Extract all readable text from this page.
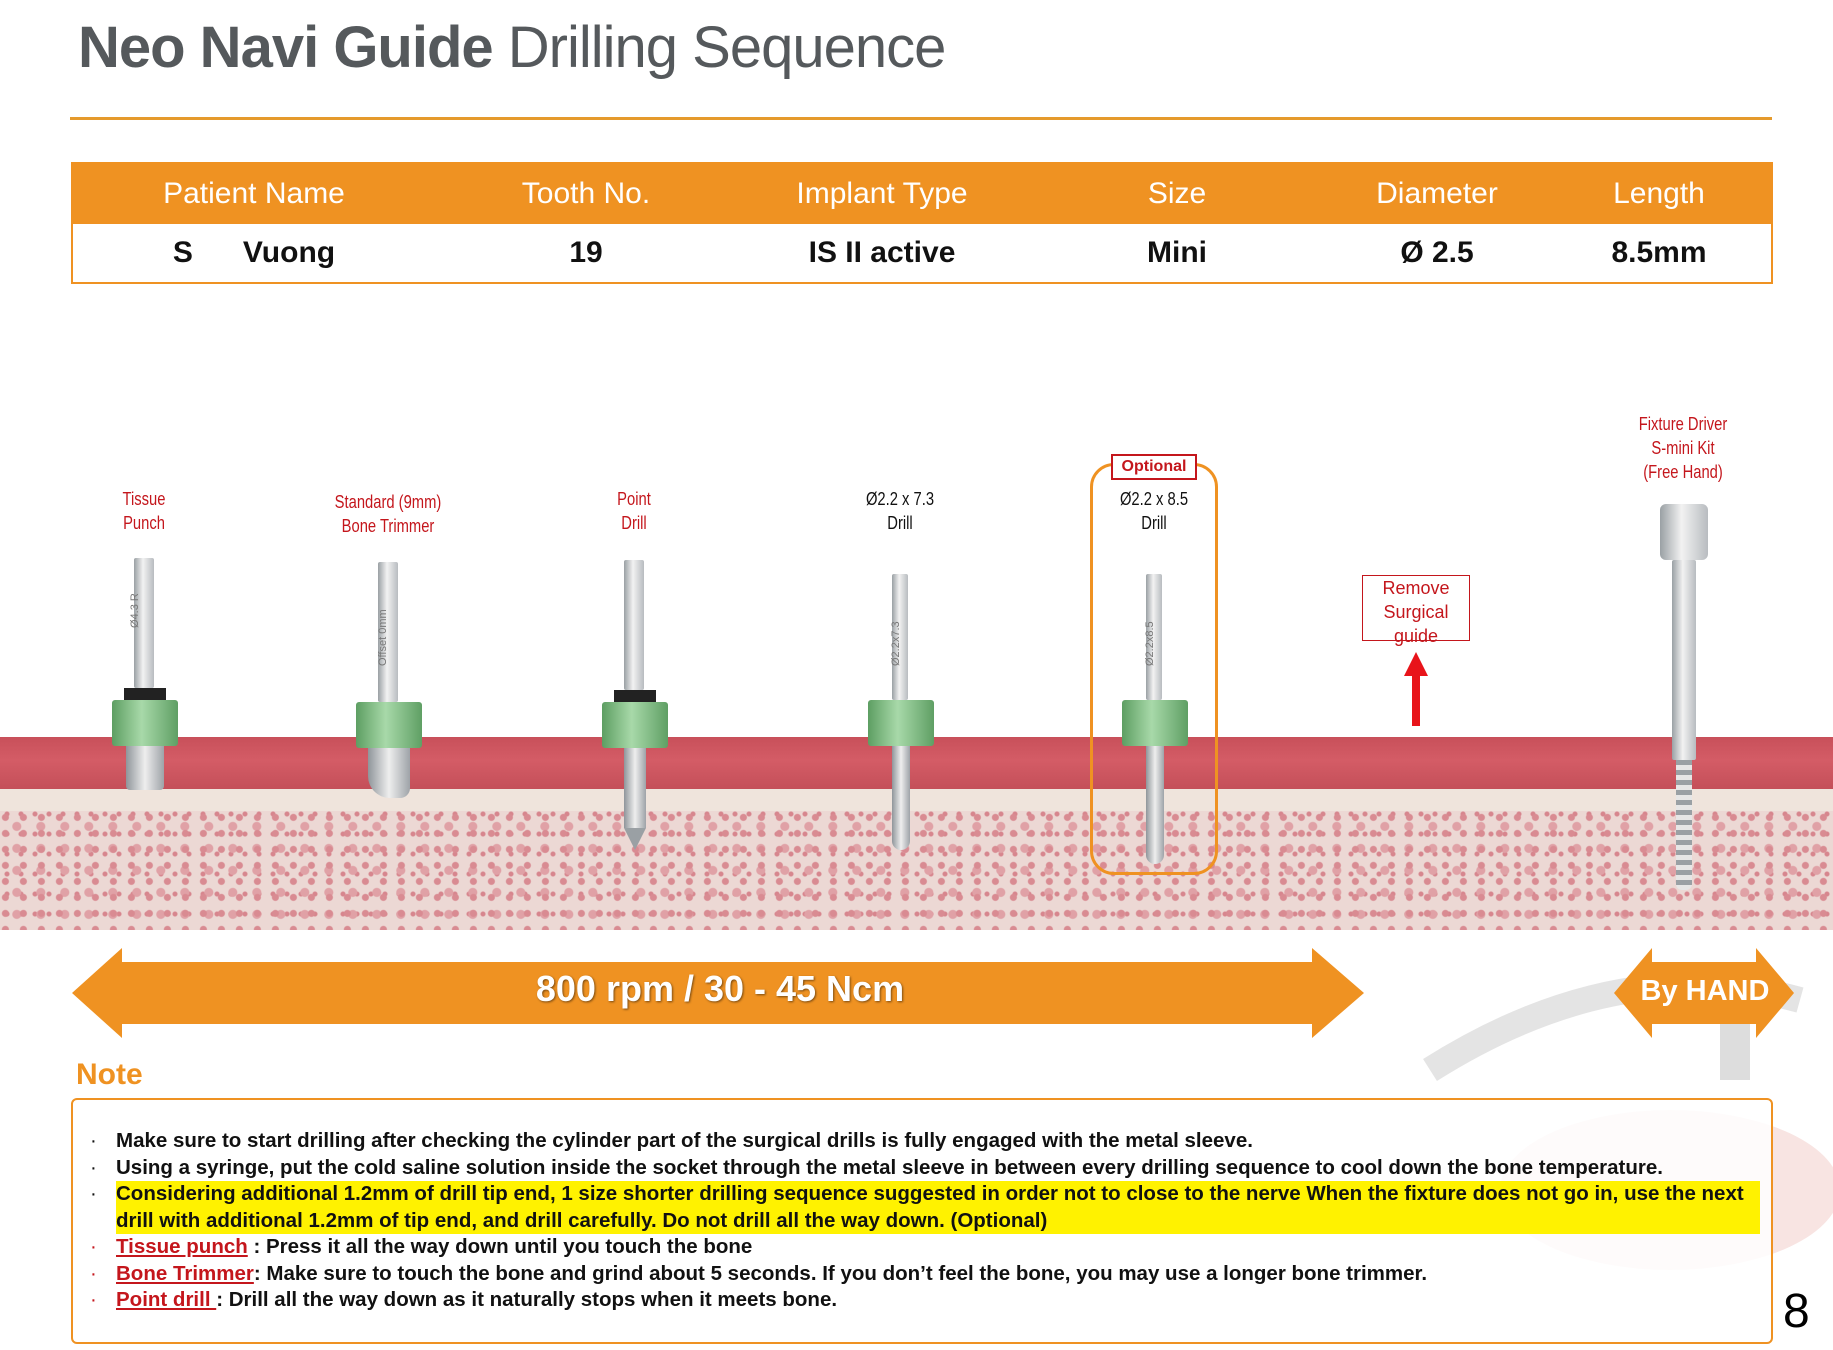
Neo Navi Guide Drilling Sequence
Patient Name	Tooth No.	Implant Type	Size	Diameter	Length
S Vuong	19	IS II active	Mini	Ø 2.5	8.5mm
Tissue
Punch
Standard (9mm)
Bone Trimmer
Point
Drill
Ø2.2 x 7.3
Drill
Ø2.2 x 8.5
Drill
Fixture Driver
S-mini Kit
(Free Hand)
Optional
Ø4.3 R	Offset 0mm	Ø2.2x7.3	Ø2.2x8.5
Remove
Surgical
guide
800 rpm / 30 - 45 Ncm	By HAND
Note
· Make sure to start drilling after checking the cylinder part of the surgical drills is fully engaged with the metal sleeve.
· Using a syringe, put the cold saline solution inside the socket through the metal sleeve in between every drilling sequence to cool down the bone temperature.
· Considering additional 1.2mm of drill tip end, 1 size shorter drilling sequence suggested in order not to close to the nerve When the fixture does not go in, use the next drill with additional 1.2mm of tip end, and drill carefully. Do not drill all the way down. (Optional)
· Tissue punch : Press it all the way down until you touch the bone
· Bone Trimmer: Make sure to touch the bone and grind about 5 seconds. If you don’t feel the bone, you may use a longer bone trimmer.
· Point drill : Drill all the way down as it naturally stops when it meets bone.	8
